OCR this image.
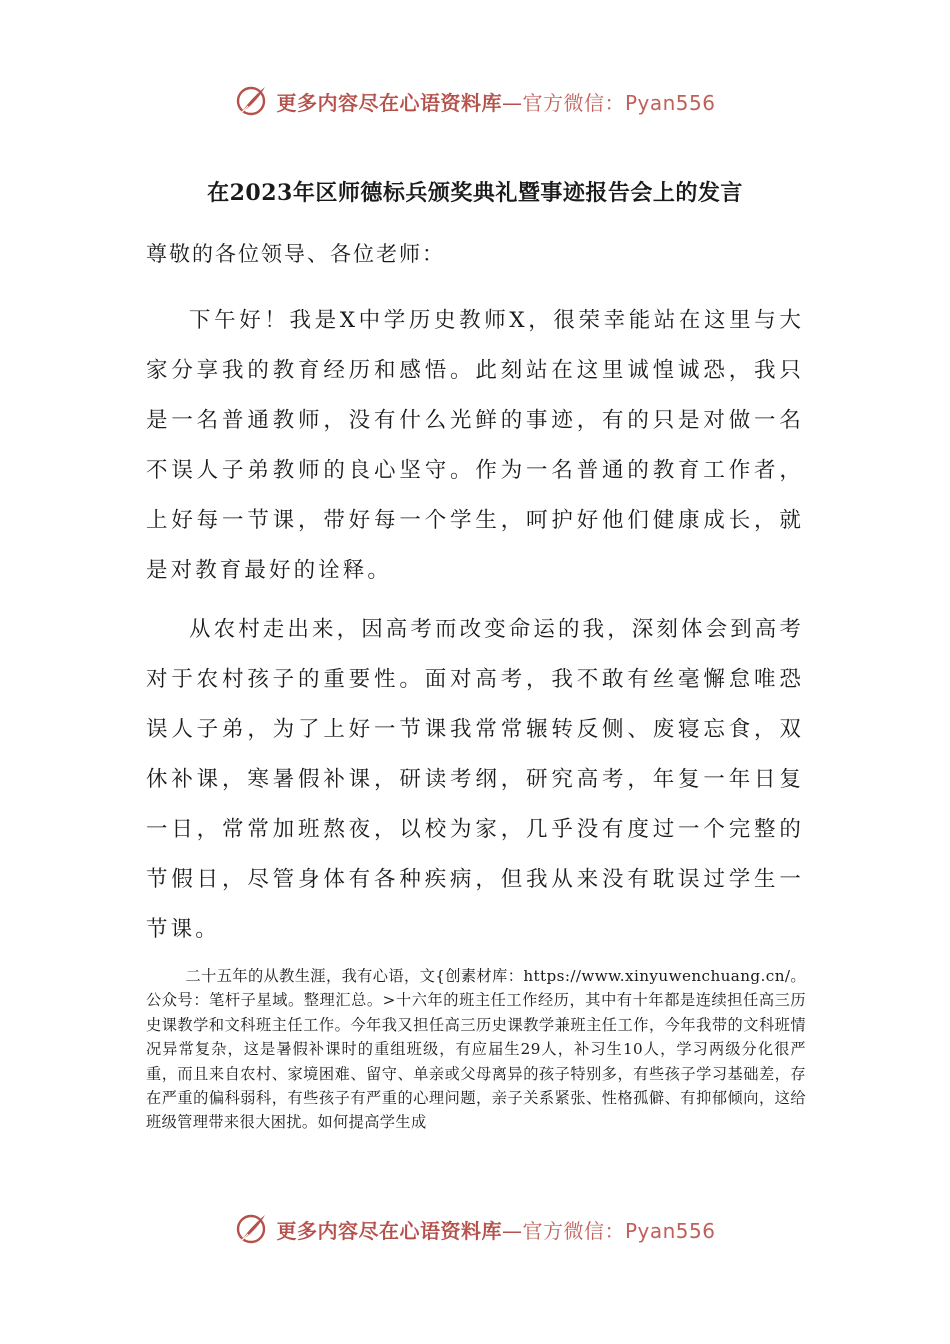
更多内容尽在心语资料库—官方微信：Pyan556
在2023年区师德标兵颁奖典礼暨事迹报告会上的发言
尊敬的各位领导、各位老师：

下午好！我是X中学历史教师X，很荣幸能站在这里与大家分享我的教育经历和感悟。此刻站在这里诚惶诚恐，我只是一名普通教师，没有什么光鲜的事迹，有的只是对做一名不误人子弟教师的良心坚守。作为一名普通的教育工作者，上好每一节课，带好每一个学生，呵护好他们健康成长，就是对教育最好的诠释。

从农村走出来，因高考而改变命运的我，深刻体会到高考对于农村孩子的重要性。面对高考，我不敢有丝毫懈怠唯恐误人子弟，为了上好一节课我常常辗转反侧、废寝忘食，双休补课，寒暑假补课，研读考纲，研究高考，年复一年日复一日，常常加班熬夜，以校为家，几乎没有度过一个完整的节假日，尽管身体有各种疾病，但我从来没有耽误过学生一节课。

二十五年的从教生涯，我有心语，文{创素材库：https://www.xinyuwenchuang.cn/。公众号：笔杆子星域。整理汇总。>十六年的班主任工作经历，其中有十年都是连续担任高三历史课教学和文科班主任工作。今年我又担任高三历史课教学兼班主任工作，今年我带的文科班情况异常复杂，这是暑假补课时的重组班级，有应届生29人，补习生10人，学习两级分化很严重，而且来自农村、家境困难、留守、单亲或父母离异的孩子特别多，有些孩子学习基础差，存在严重的偏科弱科，有些孩子有严重的心理问题，亲子关系紧张、性格孤僻、有抑郁倾向，这给班级管理带来很大困扰。如何提高学生成

更多内容尽在心语资料库—官方微信：Pyan556
